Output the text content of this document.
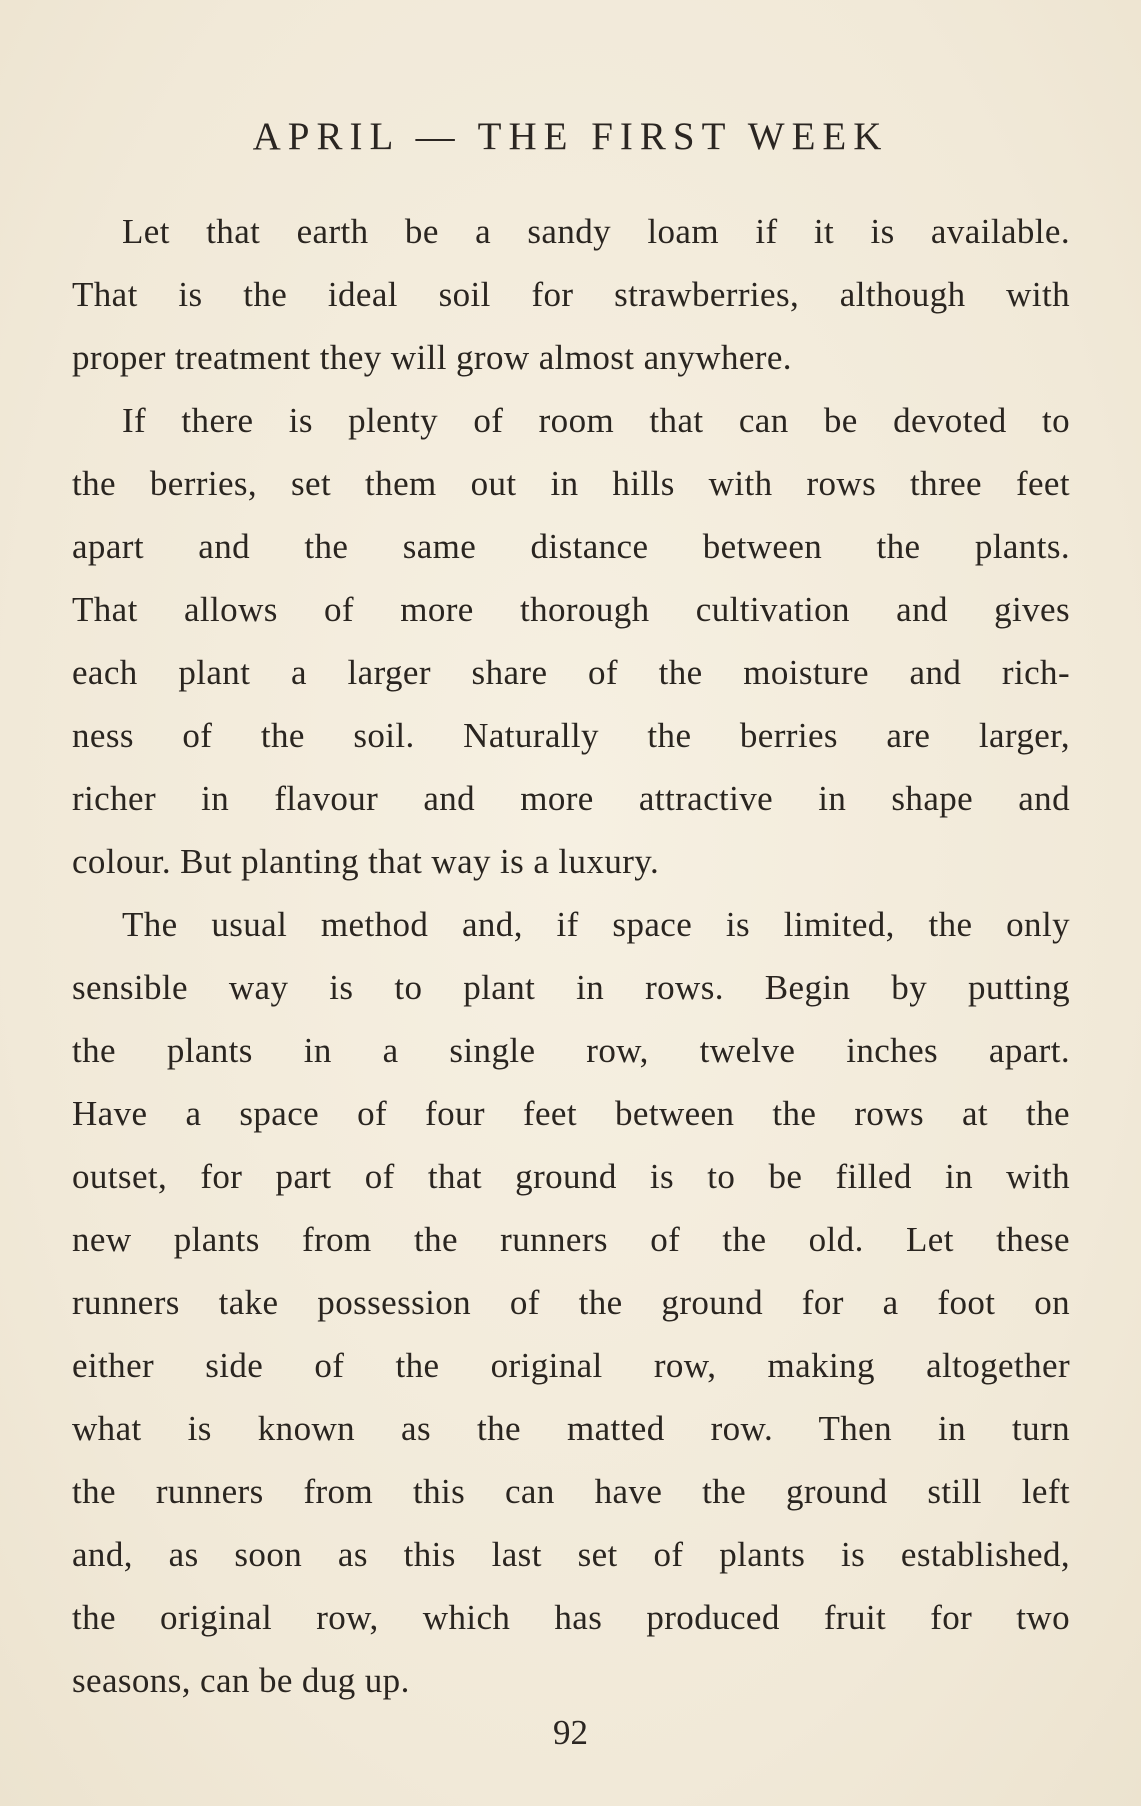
APRIL — THE FIRST WEEK
Let that earth be a sandy loam if it is available.
That is the ideal soil for strawberries, although with
proper treatment they will grow almost anywhere.
If there is plenty of room that can be devoted to
the berries, set them out in hills with rows three feet
apart and the same distance between the plants.
That allows of more thorough cultivation and gives
each plant a larger share of the moisture and rich-
ness of the soil. Naturally the berries are larger,
richer in flavour and more attractive in shape and
colour. But planting that way is a luxury.
The usual method and, if space is limited, the only
sensible way is to plant in rows. Begin by putting
the plants in a single row, twelve inches apart.
Have a space of four feet between the rows at the
outset, for part of that ground is to be filled in with
new plants from the runners of the old. Let these
runners take possession of the ground for a foot on
either side of the original row, making altogether
what is known as the matted row. Then in turn
the runners from this can have the ground still left
and, as soon as this last set of plants is established,
the original row, which has produced fruit for two
seasons, can be dug up.
92
